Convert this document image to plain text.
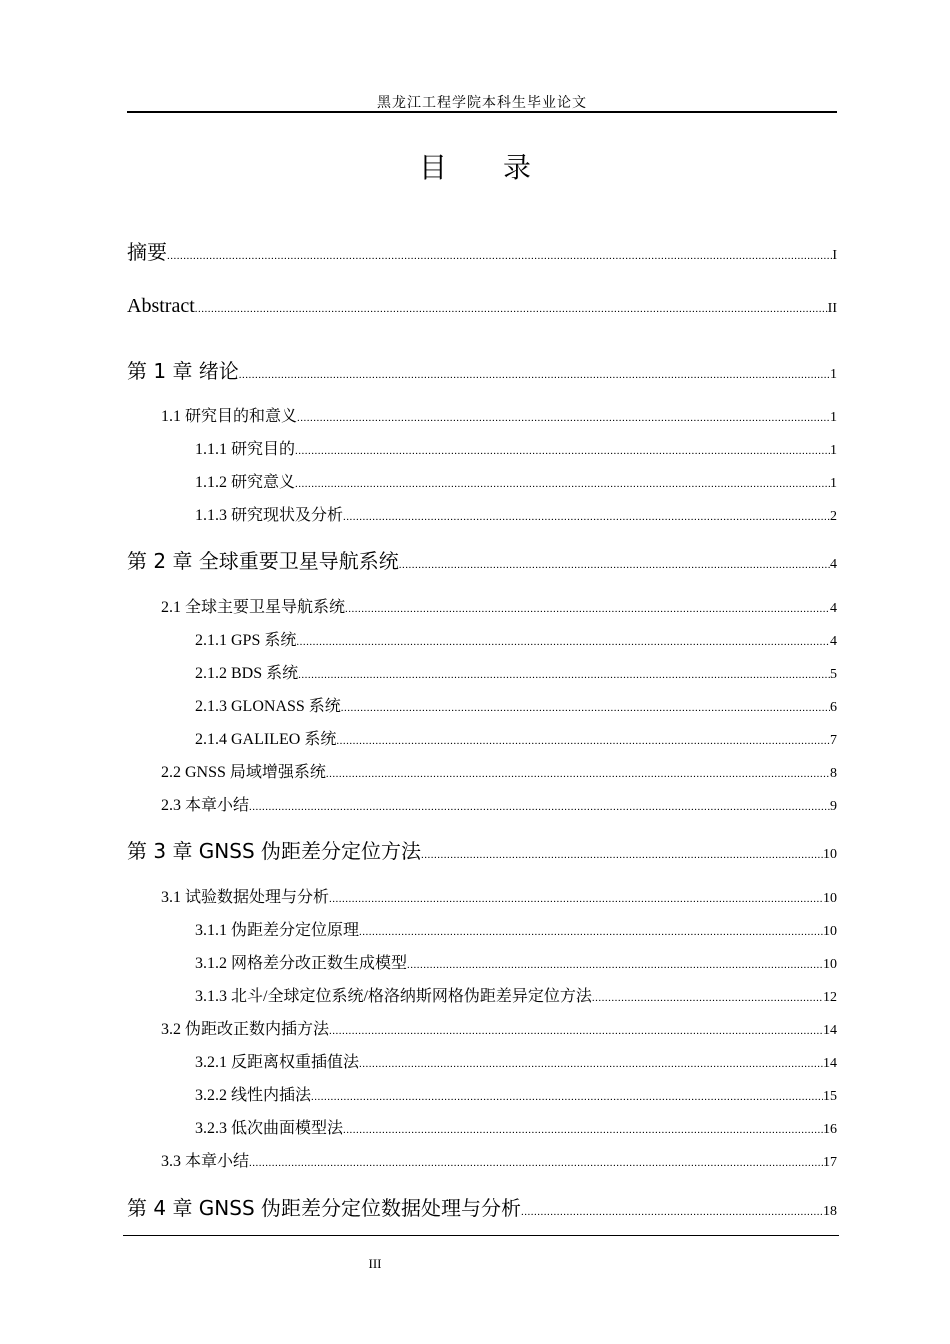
黑龙江工程学院本科生毕业论文
目 录
摘要 .....	I
Abstract .....	II
第 1 章 绪论 .....	1
1.1 研究目的和意义 .....	1
1.1.1 研究目的 .....	1
1.1.2 研究意义 .....	1
1.1.3 研究现状及分析 .....	2
第 2 章 全球重要卫星导航系统 .....	4
2.1 全球主要卫星导航系统 .....	4
2.1.1 GPS 系统 .....	4
2.1.2 BDS 系统 .....	5
2.1.3 GLONASS 系统 .....	6
2.1.4 GALILEO 系统 .....	7
2.2 GNSS 局域增强系统 .....	8
2.3 本章小结 .....	9
第 3 章 GNSS 伪距差分定位方法 .....	10
3.1 试验数据处理与分析 .....	10
3.1.1 伪距差分定位原理 .....	10
3.1.2 网格差分改正数生成模型 .....	10
3.1.3 北斗/全球定位系统/格洛纳斯网格伪距差异定位方法 .....	12
3.2 伪距改正数内插方法 .....	14
3.2.1 反距离权重插值法 .....	14
3.2.2 线性内插法 .....	15
3.2.3 低次曲面模型法 .....	16
3.3 本章小结 .....	17
第 4 章 GNSS 伪距差分定位数据处理与分析 .....	18
III
